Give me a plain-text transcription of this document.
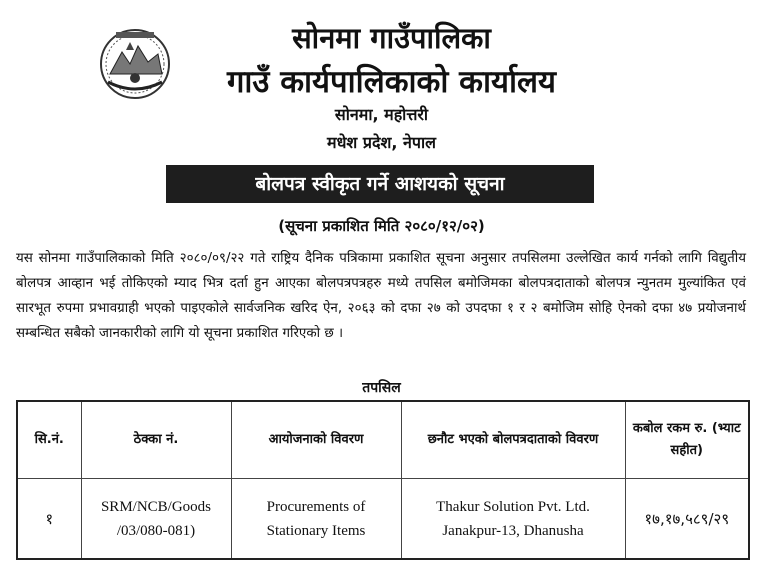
सोनमा गाउँपालिका
गाउँ कार्यपालिकाको कार्यालय
सोनमा, महोत्तरी
मधेश प्रदेश, नेपाल
बोलपत्र स्वीकृत गर्ने आशयको सूचना
(सूचना प्रकाशित मिति २०८०/१२/०२)
यस सोनमा गाउँपालिकाको मिति २०८०/०९/२२ गते राष्ट्रिय दैनिक पत्रिकामा प्रकाशित सूचना अनुसार तपसिलमा उल्लेखित कार्य गर्नको लागि विद्युतीय बोलपत्र आव्हान भई तोकिएको म्याद भित्र दर्ता हुन आएका बोलपत्रपत्रहरु मध्ये तपसिल बमोजिमका बोलपत्रदाताको बोलपत्र न्युनतम मुल्यांकित एवं सारभूत रुपमा प्रभावग्राही भएको पाइएकोले सार्वजनिक खरिद ऐन, २०६३ को दफा २७ को उपदफा १ र २ बमोजिम सोहि ऐनको दफा ४७ प्रयोजनार्थ सम्बन्धित सबैको जानकारीको लागि यो सूचना प्रकाशित गरिएको छ ।
तपसिल
सि.नं.	ठेक्का नं.	आयोजनाको विवरण	छनौट भएको बोलपत्रदाताको विवरण	कबोल रकम रु. (भ्याट सहीत)
१	SRM/NCB/Goods /03/080-081)	Procurements of Stationary Items	Thakur Solution Pvt. Ltd. Janakpur-13, Dhanusha	१७,१७,५८९/२९
